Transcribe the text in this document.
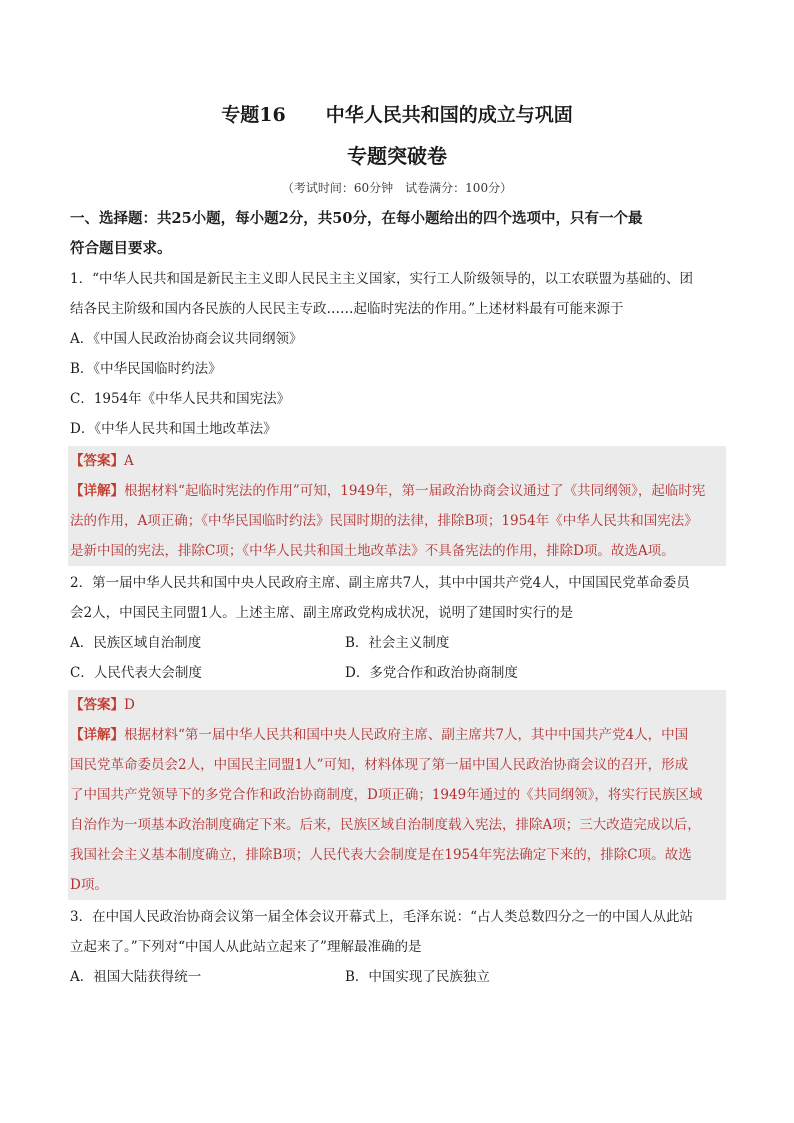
专题16 中华人民共和国的成立与巩固
专题突破卷
（考试时间：60分钟　试卷满分：100分）
一、选择题：共25小题，每小题2分，共50分，在每小题给出的四个选项中，只有一个最
符合题目要求。
1．“中华人民共和国是新民主主义即人民民主主义国家，实行工人阶级领导的，以工农联盟为基础的、团
结各民主阶级和国内各民族的人民民主专政……起临时宪法的作用。”上述材料最有可能来源于
A．《中国人民政治协商会议共同纲领》
B．《中华民国临时约法》
C．1954年《中华人民共和国宪法》
D．《中华人民共和国土地改革法》
【答案】A
【详解】根据材料“起临时宪法的作用”可知，1949年，第一届政治协商会议通过了《共同纲领》，起临时宪
法的作用，A项正确；《中华民国临时约法》民国时期的法律，排除B项；1954年《中华人民共和国宪法》
是新中国的宪法，排除C项；《中华人民共和国土地改革法》不具备宪法的作用，排除D项。故选A项。
2．第一届中华人民共和国中央人民政府主席、副主席共7人，其中中国共产党4人，中国国民党革命委员
会2人，中国民主同盟1人。上述主席、副主席政党构成状况，说明了建国时实行的是
A．民族区域自治制度	B．社会主义制度
C．人民代表大会制度	D．多党合作和政治协商制度
【答案】D
【详解】根据材料“第一届中华人民共和国中央人民政府主席、副主席共7人，其中中国共产党4人，中国
国民党革命委员会2人，中国民主同盟1人”可知，材料体现了第一届中国人民政治协商会议的召开，形成
了中国共产党领导下的多党合作和政治协商制度，D项正确；1949年通过的《共同纲领》，将实行民族区域
自治作为一项基本政治制度确定下来。后来，民族区域自治制度载入宪法，排除A项；三大改造完成以后，
我国社会主义基本制度确立，排除B项；人民代表大会制度是在1954年宪法确定下来的，排除C项。故选
D项。
3．在中国人民政治协商会议第一届全体会议开幕式上，毛泽东说：“占人类总数四分之一的中国人从此站
立起来了。”下列对“中国人从此站立起来了”理解最准确的是
A．祖国大陆获得统一	B．中国实现了民族独立
